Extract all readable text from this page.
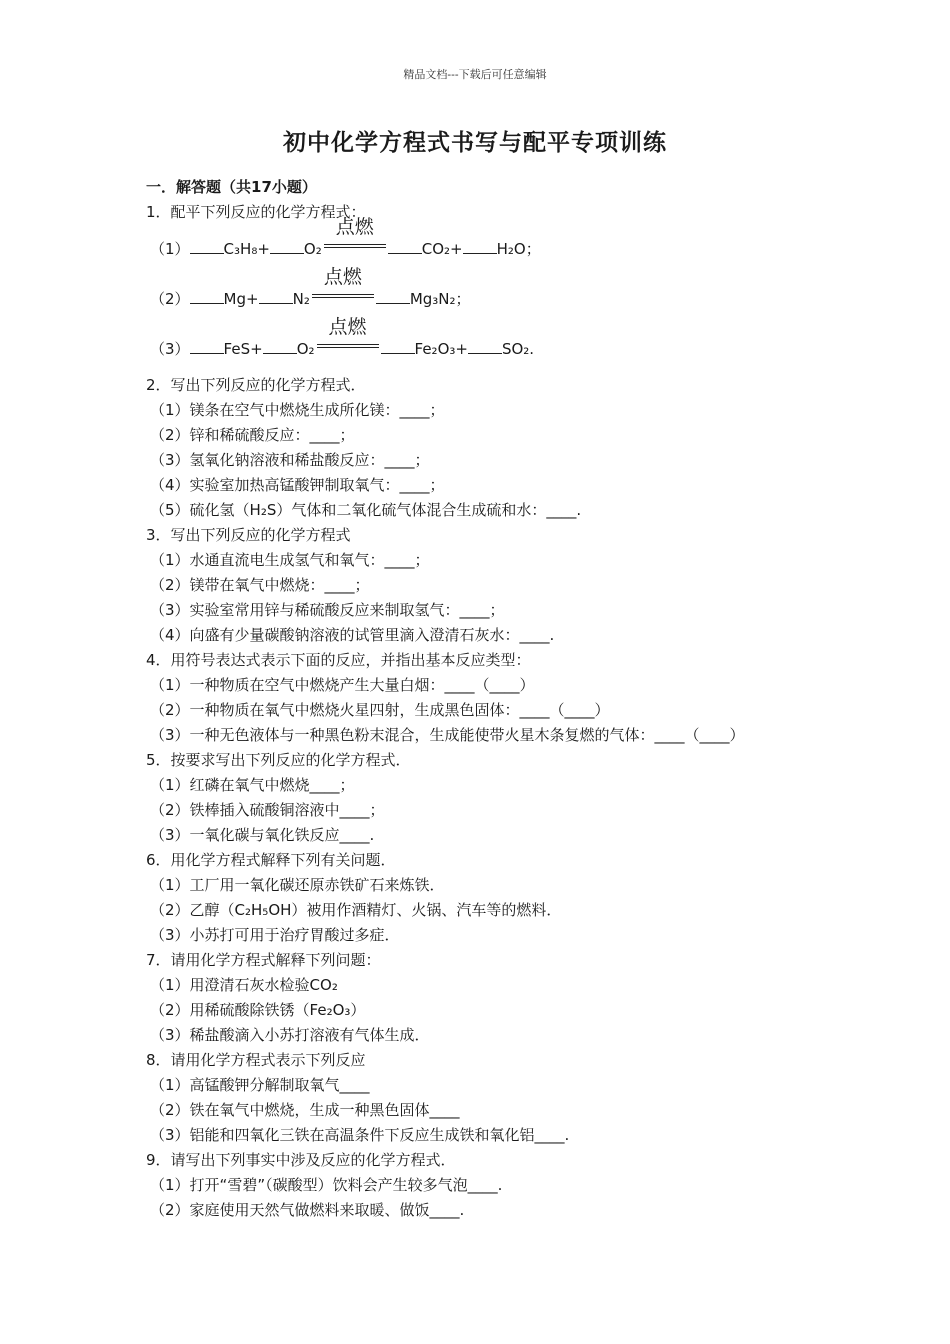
精品文档---下载后可任意编辑
初中化学方程式书写与配平专项训练
一．解答题（共17小题）
1．配平下列反应的化学方程式：
（1） C₃H₈+ O₂
点燃
CO₂+ H₂O；
（2） Mg+ N₂
点燃
Mg₃N₂；
（3） FeS+ O₂
点燃
Fe₂O₃+ SO₂.
2．写出下列反应的化学方程式．
（1）镁条在空气中燃烧生成所化镁：____；
（2）锌和稀硫酸反应：____；
（3）氢氧化钠溶液和稀盐酸反应：____；
（4）实验室加热高锰酸钾制取氧气：____；
（5）硫化氢（H₂S）气体和二氧化硫气体混合生成硫和水：____.
3．写出下列反应的化学方程式
（1）水通直流电生成氢气和氧气：____；
（2）镁带在氧气中燃烧：____；
（3）实验室常用锌与稀硫酸反应来制取氢气：____；
（4）向盛有少量碳酸钠溶液的试管里滴入澄清石灰水：____.
4．用符号表达式表示下面的反应，并指出基本反应类型：
（1）一种物质在空气中燃烧产生大量白烟：____（____）
（2）一种物质在氧气中燃烧火星四射，生成黑色固体：____（____）
（3）一种无色液体与一种黑色粉末混合，生成能使带火星木条复燃的气体：____（____）
5．按要求写出下列反应的化学方程式．
（1）红磷在氧气中燃烧____；
（2）铁棒插入硫酸铜溶液中____；
（3）一氧化碳与氧化铁反应____.
6．用化学方程式解释下列有关问题．
（1）工厂用一氧化碳还原赤铁矿石来炼铁．
（2）乙醇（C₂H₅OH）被用作酒精灯、火锅、汽车等的燃料．
（3）小苏打可用于治疗胃酸过多症．
7．请用化学方程式解释下列问题：
（1）用澄清石灰水检验CO₂
（2）用稀硫酸除铁锈（Fe₂O₃）
（3）稀盐酸滴入小苏打溶液有气体生成．
8．请用化学方程式表示下列反应
（1）高锰酸钾分解制取氧气____
（2）铁在氧气中燃烧，生成一种黑色固体____
（3）铝能和四氧化三铁在高温条件下反应生成铁和氧化铝____.
9．请写出下列事实中涉及反应的化学方程式．
（1）打开“雪碧”（碳酸型）饮料会产生较多气泡____.
（2）家庭使用天然气做燃料来取暖、做饭____.
